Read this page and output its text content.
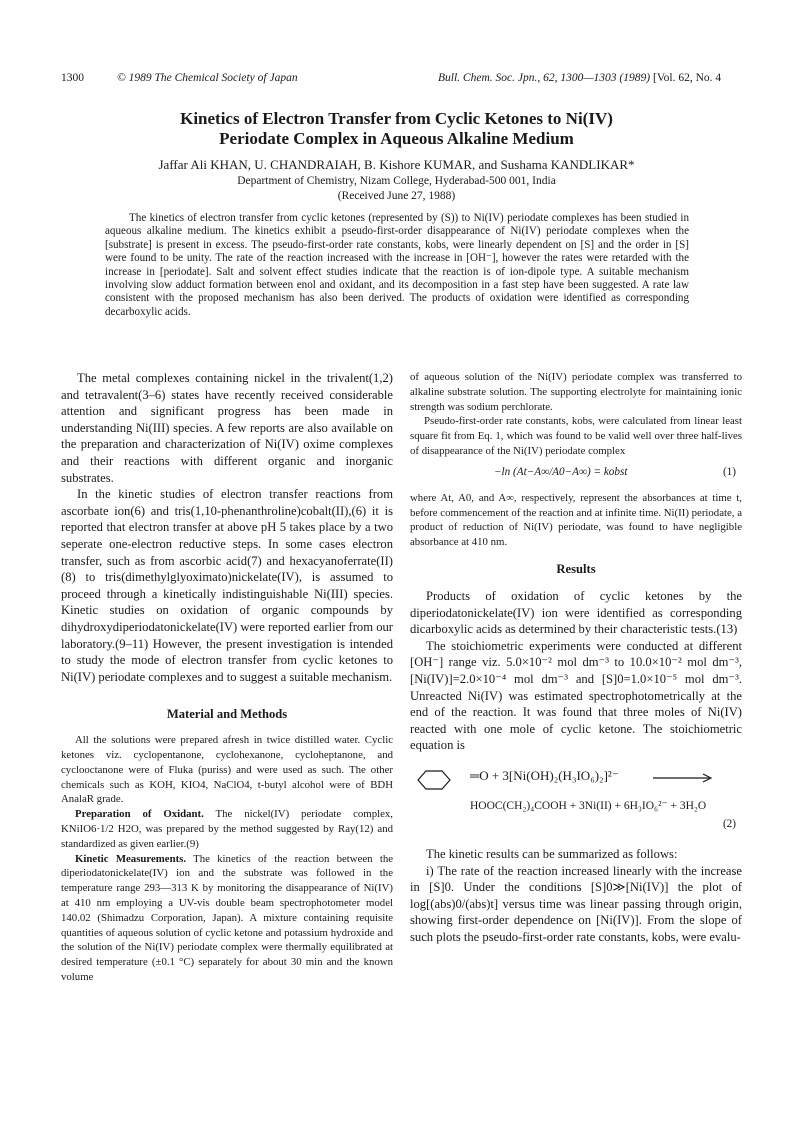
1300	© 1989 The Chemical Society of Japan	Bull. Chem. Soc. Jpn., 62, 1300—1303 (1989) [Vol. 62, No. 4
Kinetics of Electron Transfer from Cyclic Ketones to Ni(IV)
Periodate Complex in Aqueous Alkaline Medium
Jaffar Ali KHAN, U. CHANDRAIAH, B. Kishore KUMAR, and Sushama KANDLIKAR*
Department of Chemistry, Nizam College, Hyderabad-500 001, India
(Received June 27, 1988)

The kinetics of electron transfer from cyclic ketones (represented by (S)) to Ni(IV) periodate complexes has been studied in aqueous alkaline medium. The kinetics exhibit a pseudo-first-order disappearance of Ni(IV) periodate complexes when the [substrate] is present in excess. The pseudo-first-order rate constants, kobs, were linearly dependent on [S] and the order in [S] were found to be unity. The rate of the reaction increased with the increase in [OH⁻], however the rates were retarded with the increase in [periodate]. Salt and solvent effect studies indicate that the reaction is of ion-dipole type. A suitable mechanism involving slow adduct formation between enol and oxidant, and its decomposition in a fast step have been suggested. A rate law consistent with the proposed mechanism has also been derived. The products of oxidation were identified as corresponding decarboxylic acids.

The metal complexes containing nickel in the trivalent(1,2) and tetravalent(3–6) states have recently received considerable attention and significant progress has been made in understanding Ni(III) species. A few reports are also available on the preparation and characterization of Ni(IV) oxime complexes and their reactions with different organic and inorganic substrates.

In the kinetic studies of electron transfer reactions from ascorbate ion(6) and tris(1,10-phenanthroline)cobalt(II),(6) it is reported that electron transfer at above pH 5 takes place by a two seperate one-electron reductive steps. In some cases electron transfer, such as from ascorbic acid(7) and hexacyanoferrate(II)(8) to tris(dimethylglyoximato)nickelate(IV), is assumed to proceed through a kinetically indistinguishable Ni(III) species. Kinetic studies on oxidation of organic compounds by dihydroxydiperiodatonickelate(IV) were reported earlier from our laboratory.(9–11) However, the present investigation is intended to study the mode of electron transfer from cyclic ketones to Ni(IV) periodate complexes and to suggest a suitable mechanism.

Material and Methods

All the solutions were prepared afresh in twice distilled water. Cyclic ketones viz. cyclopentanone, cyclohexanone, cycloheptanone, and cyclooctanone were of Fluka (puriss) and were used as such. The other chemicals such as KOH, KIO4, NaClO4, t-butyl alcohol were of BDH AnalaR grade.

Preparation of Oxidant. The nickel(IV) periodate complex, KNiIO6·1/2 H2O, was prepared by the method suggested by Ray(12) and standardized as given earlier.(9)

Kinetic Measurements. The kinetics of the reaction between the diperiodatonickelate(IV) ion and the substrate was followed in the temperature range 293—313 K by monitoring the disappearance of Ni(IV) at 410 nm employing a UV-vis double beam spectrophotometer model 140.02 (Shimadzu Corporation, Japan). A mixture containing requisite quantities of aqueous solution of cyclic ketone and potassium hydroxide and the solution of the Ni(IV) periodate complex were thermally equilibrated at desired temperature (±0.1 °C) separately for about 30 min and the known volume

of aqueous solution of the Ni(IV) periodate complex was transferred to alkaline substrate solution. The supporting electrolyte for maintaining ionic strength was sodium perchlorate.

Pseudo-first-order rate constants, kobs, were calculated from linear least square fit from Eq. 1, which was found to be valid well over three half-lives of disappearance of the Ni(IV) periodate complex

−ln (At−A∞/A0−A∞) = kobst	(1)

where At, A0, and A∞, respectively, represent the absorbances at time t, before commencement of the reaction and at infinite time. Ni(II) periodate, a product of reduction of Ni(IV) periodate, was found to have negligible absorbance at 410 nm.

Results

Products of oxidation of cyclic ketones by the diperiodatonickelate(IV) ion were identified as corresponding dicarboxylic acids as determined by their characteristic tests.(13)

The stoichiometric experiments were conducted at different [OH⁻] range viz. 5.0×10⁻² mol dm⁻³ to 10.0×10⁻² mol dm⁻³, [Ni(IV)]=2.0×10⁻⁴ mol dm⁻³ and [S]0=1.0×10⁻⁵ mol dm⁻³. Unreacted Ni(IV) was estimated spectrophotometrically at the end of the reaction. It was found that three moles of Ni(IV) reacted with one mole of cyclic ketone. The stoichiometric equation is

═O + 3[Ni(OH)₂(H₃IO₆)₂]²⁻
HOOC(CH₂)₄COOH + 3Ni(II) + 6H₃IO₆²⁻ + 3H₂O
(2)

The kinetic results can be summarized as follows:

i) The rate of the reaction increased linearly with the increase in [S]0. Under the conditions [S]0≫[Ni(IV)] the plot of log[(abs)0/(abs)t] versus time was linear passing through origin, showing first-order dependence on [Ni(IV)]. From the slope of such plots the pseudo-first-order rate constants, kobs, were evalu-
